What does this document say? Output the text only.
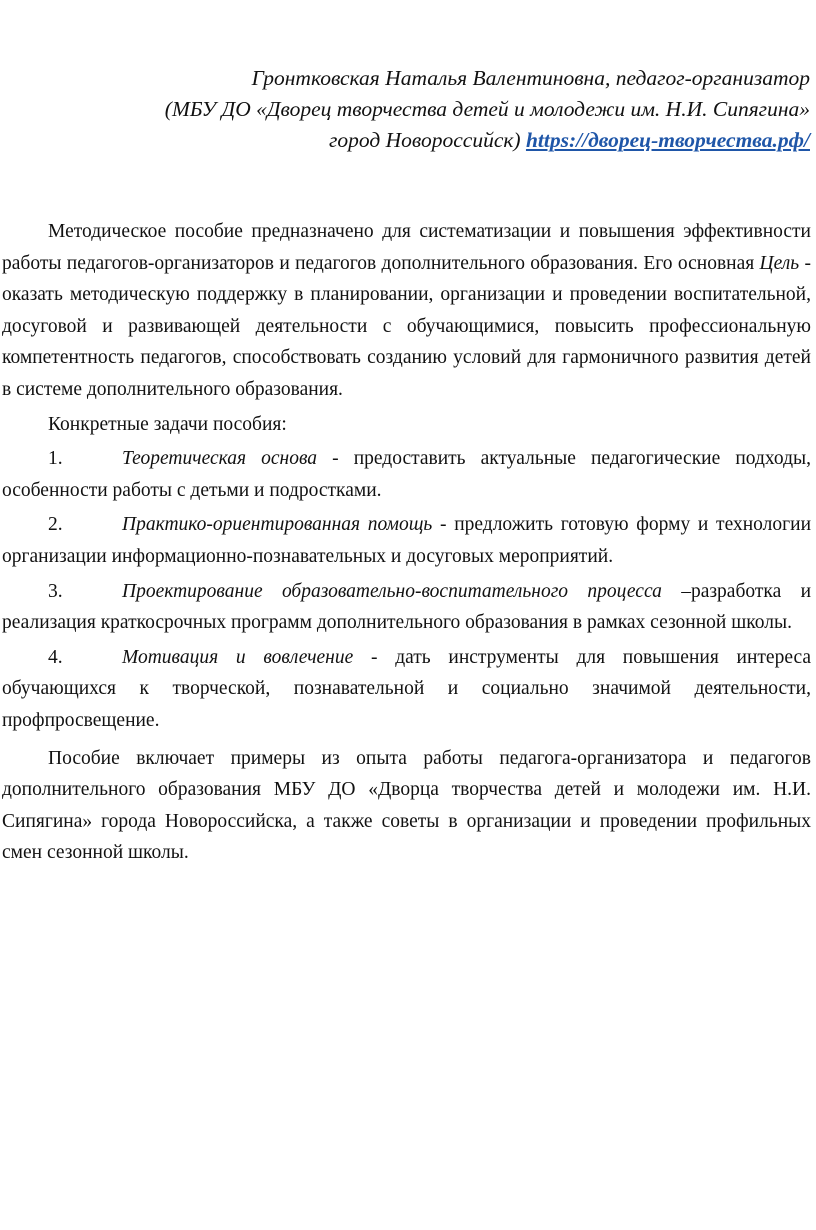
Гронтковская Наталья Валентиновна, педагог-организатор
(МБУ ДО «Дворец творчества детей и молодежи им. Н.И. Сипягина»
город Новороссийск) https://дворец-творчества.рф/

Методическое пособие предназначено для систематизации и повышения эффективности работы педагогов-организаторов и педагогов дополнительного образования. Его основная Цель - оказать методическую поддержку в планировании, организации и проведении воспитательной, досуговой и развивающей деятельности с обучающимися, повысить профессиональную компетентность педагогов, способствовать созданию условий для гармоничного развития детей в системе дополнительного образования.

Конкретные задачи пособия:

1.	Теоретическая основа - предоставить актуальные педагогические подходы, особенности работы с детьми и подростками.

2.	Практико-ориентированная помощь - предложить готовую форму и технологии организации информационно-познавательных и досуговых мероприятий.

3.	Проектирование образовательно-воспитательного процесса –разработка и реализация краткосрочных программ дополнительного образования в рамках сезонной школы.

4.	Мотивация и вовлечение - дать инструменты для повышения интереса обучающихся к творческой, познавательной и социально значимой деятельности, профпросвещение.

Пособие включает примеры из опыта работы педагога-организатора и педагогов дополнительного образования МБУ ДО «Дворца творчества детей и молодежи им. Н.И. Сипягина» города Новороссийска, а также советы в организации и проведении профильных смен сезонной школы.
